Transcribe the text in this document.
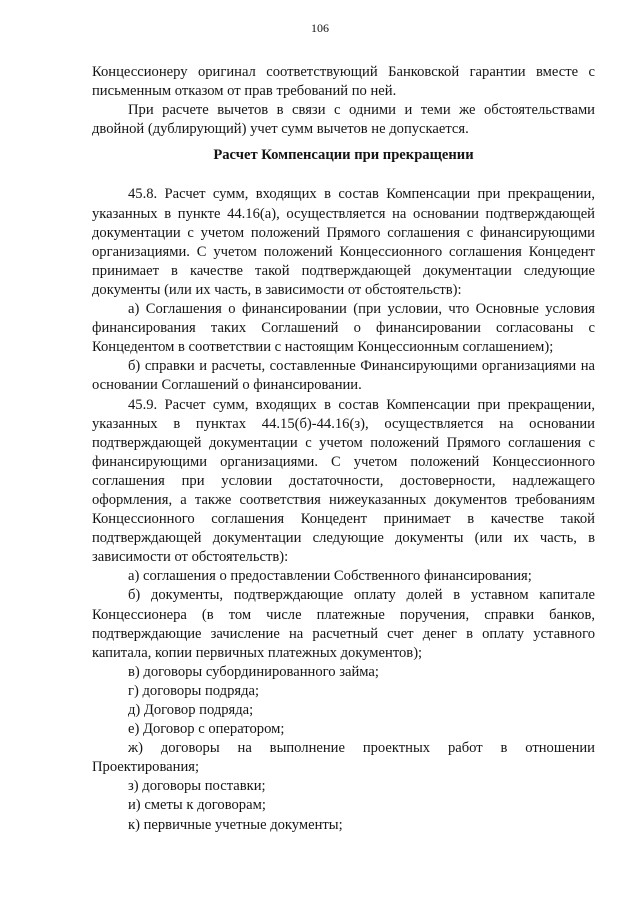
106

Концессионеру оригинал соответствующий Банковской гарантии вместе с письменным отказом от прав требований по ней.

При расчете вычетов в связи с одними и теми же обстоятельствами двойной (дублирующий) учет сумм вычетов не допускается.

Расчет Компенсации при прекращении

45.8. Расчет сумм, входящих в состав Компенсации при прекращении, указанных в пункте 44.16(а), осуществляется на основании подтверждающей документации с учетом положений Прямого соглашения с финансирующими организациями. С учетом положений Концессионного соглашения Концедент принимает в качестве такой подтверждающей документации следующие документы (или их часть, в зависимости от обстоятельств):

а) Соглашения о финансировании (при условии, что Основные условия финансирования таких Соглашений о финансировании согласованы с Концедентом в соответствии с настоящим Концессионным соглашением);

б) справки и расчеты, составленные Финансирующими организациями на основании Соглашений о финансировании.

45.9. Расчет сумм, входящих в состав Компенсации при прекращении, указанных в пунктах 44.15(б)-44.16(з), осуществляется на основании подтверждающей документации с учетом положений Прямого соглашения с финансирующими организациями. С учетом положений Концессионного соглашения при условии достаточности, достоверности, надлежащего оформления, а также соответствия нижеуказанных документов требованиям Концессионного соглашения Концедент принимает в качестве такой подтверждающей документации следующие документы (или их часть, в зависимости от обстоятельств):

а) соглашения о предоставлении Собственного финансирования;

б) документы, подтверждающие оплату долей в уставном капитале Концессионера (в том числе платежные поручения, справки банков, подтверждающие зачисление на расчетный счет денег в оплату уставного капитала, копии первичных платежных документов);

в) договоры субординированного займа;

г) договоры подряда;

д) Договор подряда;

е) Договор с оператором;

ж) договоры на выполнение проектных работ в отношении Проектирования;

з) договоры поставки;

и) сметы к договорам;

к) первичные учетные документы;
